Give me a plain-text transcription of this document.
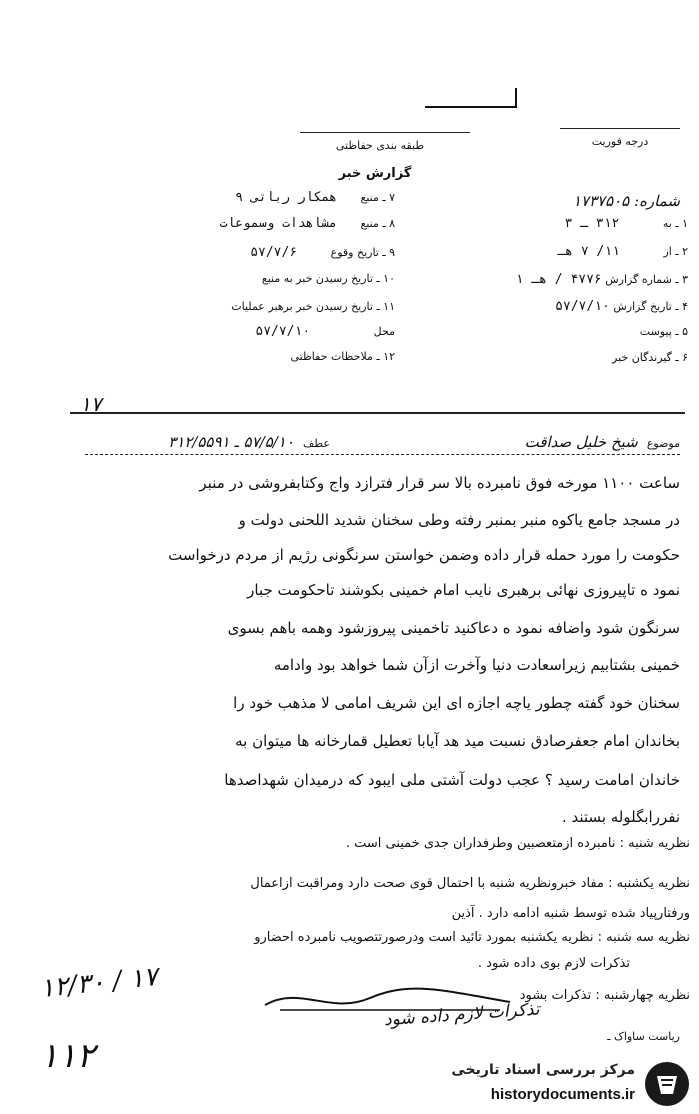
طبقه بندی حفاظتی	درجه فوریت
گزارش خبر
شماره: ۱۷۳۷۵۰۵
۱ ـ به ۳۱۲ ـ ۳
۲ ـ از ۱۱/ ۷ هـ
۳ ـ شماره گزارش ۴۷۷۶ / هـ ۱
۴ ـ تاریخ گزارش ۵۷/۷/۱۰
۵ ـ پیوست
۶ ـ گیرندگان خبر
۷ ـ منبع همکار رباتی ۹
۸ ـ منبع مشاهدات وسموعات
۹ ـ تاریخ وقوع ۵۷/۷/۶
۱۰ ـ تاریخ رسیدن خبر به منبع
۱۱ ـ تاریخ رسیدن خبر برهبر عملیات
محل ۵۷/۷/۱۰
۱۲ ـ ملاحظات حفاظتی
۱۷
موضوع شیخ خلیل صداقت
عطف ۵۷/۵/۱۰ ـ ۳۱۲/۵۵۹۱
ساعت ۱۱۰۰ مورخه فوق نامبرده بالا سر قرار فترازد واج وکتابفروشی در منبر
در مسجد جامع یاکوه منبر بمنبر رفته وطی سخنان شدید اللحنی دولت و
حکومت را مورد حمله قرار داده وضمن خواستن سرنگونی رژیم از مردم درخواست
نمود ه تاپیروزی نهائی برهبری نایب امام خمینی بکوشند تاحکومت جبار
سرنگون شود واضافه نمود ه دعاکنید تاخمینی پیروزشود وهمه باهم بسوی
خمینی بشتابیم زیراسعادت دنیا وآخرت ازآن شما خواهد بود وادامه
سخنان خود گفته چطور یاچه اجازه ای این شریف امامی لا مذهب خود را
بخاندان امام جعفرصادق نسبت مید هد آیابا تعطیل قمارخانه ها میتوان به
خاندان امامت رسید ؟ عجب دولت آشتی ملی ایبود که درمیدان شهداصدها
نفررابگلوله بستند .
نظریه شنبه : نامبرده ازمتعصبین وطرفداران جدی خمینی است .
نظریه یکشنبه : مفاد خبرونظریه شنبه با احتمال قوی صحت دارد ومراقبت ازاعمال
ورفتارپیاد شده توسط شنبه ادامه دارد . آذین
نظریه سه شنبه : نظریه یکشنبه بمورد تائید است ودرصورتتصویب نامبرده احضارو
تذکرات لازم بوی داده شود .
نظریه چهارشنبه : تذکرات بشود
۱۲/۳۰ / ۱۷
تذکرات لازم داده شود
۱۱۲	ریاست ساواک ـ
مرکز بررسی اسناد تاریخی
historydocuments.ir
